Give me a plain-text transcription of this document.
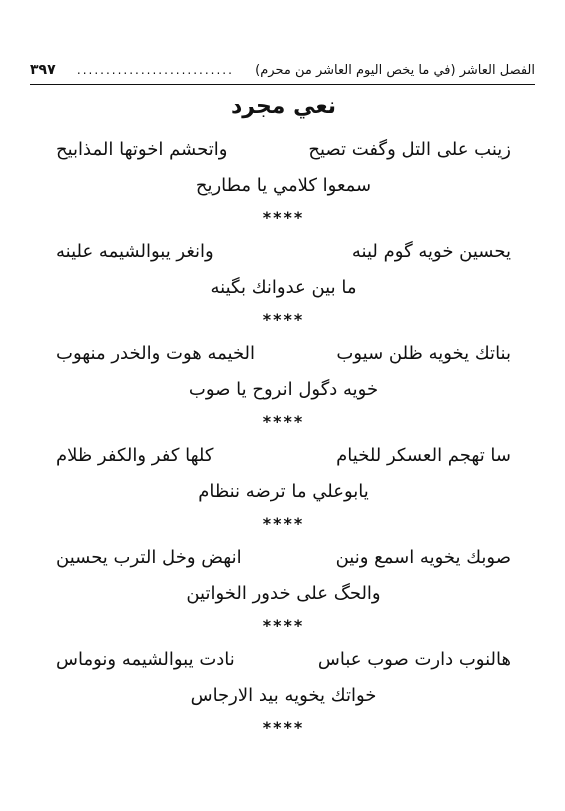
الفصل العاشر (في ما يخص اليوم العاشر من محرم)
...........................
٣٩٧
نعي مجرد
زينب على التل وگفت تصيح
واتحشم اخوتها المذابيح
سمعوا كلامي يا مطاريح
****
يحسين خويه گوم لينه
وانغر يبوالشيمه علينه
ما بين عدوانك بگينه
****
بناتك يخويه ظلن سيوب
الخيمه هوت والخدر منهوب
خويه دگول انروح يا صوب
****
سا تهجم العسكر للخيام
كلها كفر والكفر ظلام
يابوعلي ما ترضه ننظام
****
صوبك يخويه اسمع ونين
انهض وخل الترب يحسين
والحگ على خدور الخواتين
****
هالنوب دارت صوب عباس
نادت يبوالشيمه ونوماس
خواتك يخويه بيد الارجاس
****
